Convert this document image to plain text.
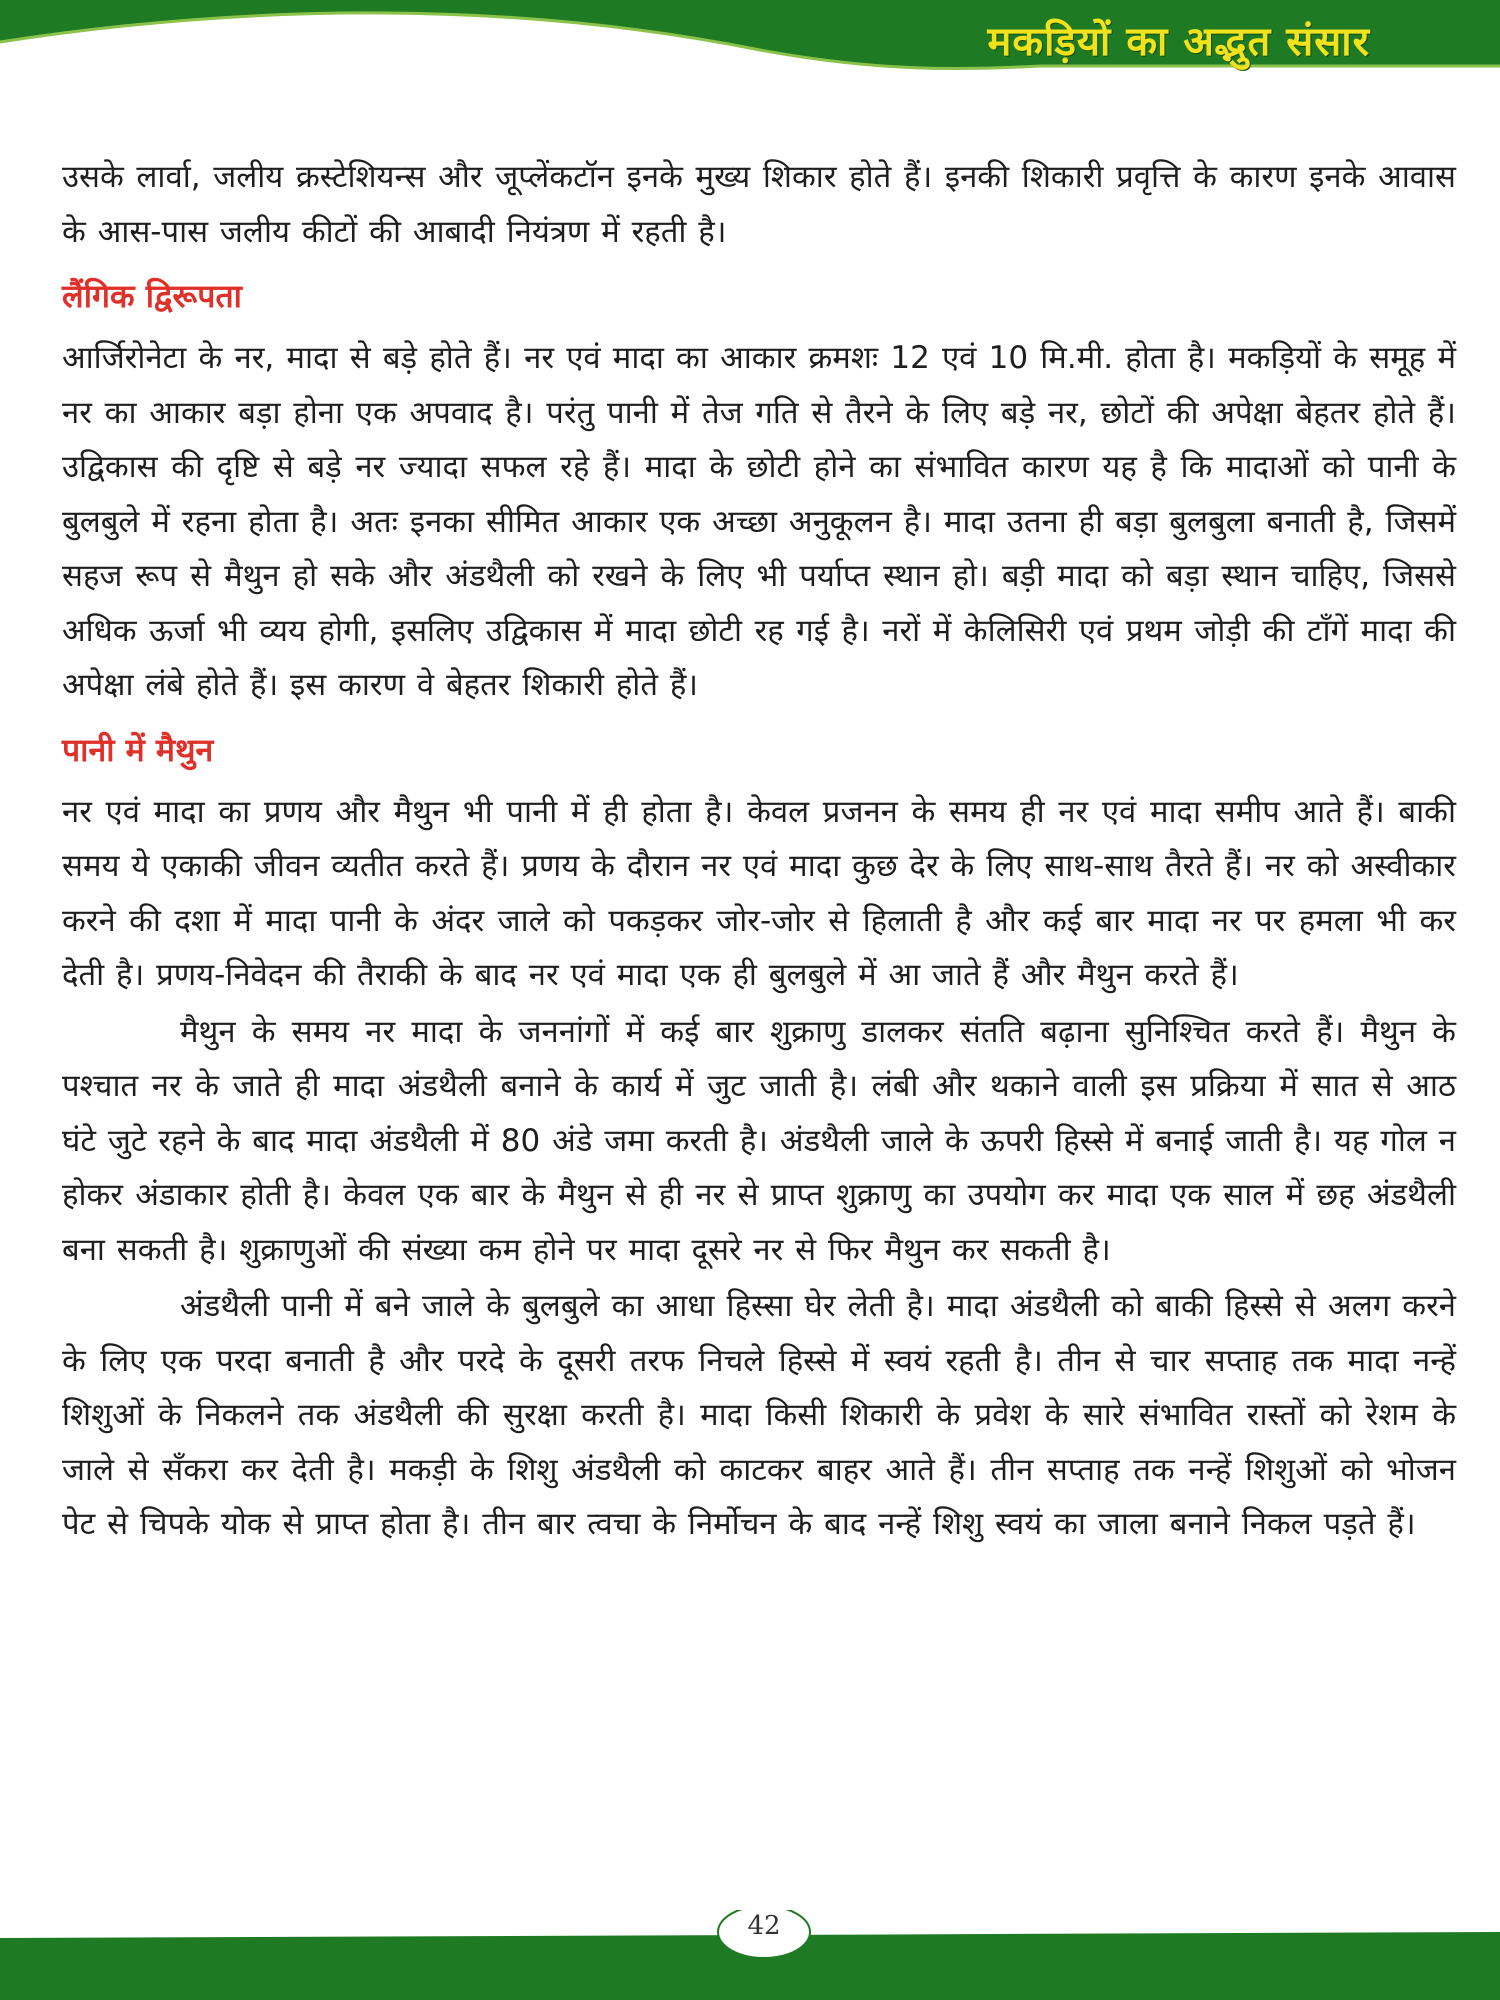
मकड़ियों का अद्भुत संसार

उसके लार्वा, जलीय क्रस्टेशियन्स और जूप्लेंकटॉन इनके मुख्य शिकार होते हैं। इनकी शिकारी प्रवृत्ति के कारण इनके आवास के आस-पास जलीय कीटों की आबादी नियंत्रण में रहती है।

लैंगिक द्विरूपता

आर्जिरोनेटा के नर, मादा से बड़े होते हैं। नर एवं मादा का आकार क्रमशः 12 एवं 10 मि.मी. होता है। मकड़ियों के समूह में नर का आकार बड़ा होना एक अपवाद है। परंतु पानी में तेज गति से तैरने के लिए बड़े नर, छोटों की अपेक्षा बेहतर होते हैं। उद्विकास की दृष्टि से बड़े नर ज्यादा सफल रहे हैं। मादा के छोटी होने का संभावित कारण यह है कि मादाओं को पानी के बुलबुले में रहना होता है। अतः इनका सीमित आकार एक अच्छा अनुकूलन है। मादा उतना ही बड़ा बुलबुला बनाती है, जिसमें सहज रूप से मैथुन हो सके और अंडथैली को रखने के लिए भी पर्याप्त स्थान हो। बड़ी मादा को बड़ा स्थान चाहिए, जिससे अधिक ऊर्जा भी व्यय होगी, इसलिए उद्विकास में मादा छोटी रह गई है। नरों में केलिसिरी एवं प्रथम जोड़ी की टाँगें मादा की अपेक्षा लंबे होते हैं। इस कारण वे बेहतर शिकारी होते हैं।

पानी में मैथुन

नर एवं मादा का प्रणय और मैथुन भी पानी में ही होता है। केवल प्रजनन के समय ही नर एवं मादा समीप आते हैं। बाकी समय ये एकाकी जीवन व्यतीत करते हैं। प्रणय के दौरान नर एवं मादा कुछ देर के लिए साथ-साथ तैरते हैं। नर को अस्वीकार करने की दशा में मादा पानी के अंदर जाले को पकड़कर जोर-जोर से हिलाती है और कई बार मादा नर पर हमला भी कर देती है। प्रणय-निवेदन की तैराकी के बाद नर एवं मादा एक ही बुलबुले में आ जाते हैं और मैथुन करते हैं।

मैथुन के समय नर मादा के जननांगों में कई बार शुक्राणु डालकर संतति बढ़ाना सुनिश्चित करते हैं। मैथुन के पश्चात नर के जाते ही मादा अंडथैली बनाने के कार्य में जुट जाती है। लंबी और थकाने वाली इस प्रक्रिया में सात से आठ घंटे जुटे रहने के बाद मादा अंडथैली में 80 अंडे जमा करती है। अंडथैली जाले के ऊपरी हिस्से में बनाई जाती है। यह गोल न होकर अंडाकार होती है। केवल एक बार के मैथुन से ही नर से प्राप्त शुक्राणु का उपयोग कर मादा एक साल में छह अंडथैली बना सकती है। शुक्राणुओं की संख्या कम होने पर मादा दूसरे नर से फिर मैथुन कर सकती है।

अंडथैली पानी में बने जाले के बुलबुले का आधा हिस्सा घेर लेती है। मादा अंडथैली को बाकी हिस्से से अलग करने के लिए एक परदा बनाती है और परदे के दूसरी तरफ निचले हिस्से में स्वयं रहती है। तीन से चार सप्ताह तक मादा नन्हें शिशुओं के निकलने तक अंडथैली की सुरक्षा करती है। मादा किसी शिकारी के प्रवेश के सारे संभावित रास्तों को रेशम के जाले से सँकरा कर देती है। मकड़ी के शिशु अंडथैली को काटकर बाहर आते हैं। तीन सप्ताह तक नन्हें शिशुओं को भोजन पेट से चिपके योक से प्राप्त होता है। तीन बार त्वचा के निर्मोचन के बाद नन्हें शिशु स्वयं का जाला बनाने निकल पड़ते हैं।

42
